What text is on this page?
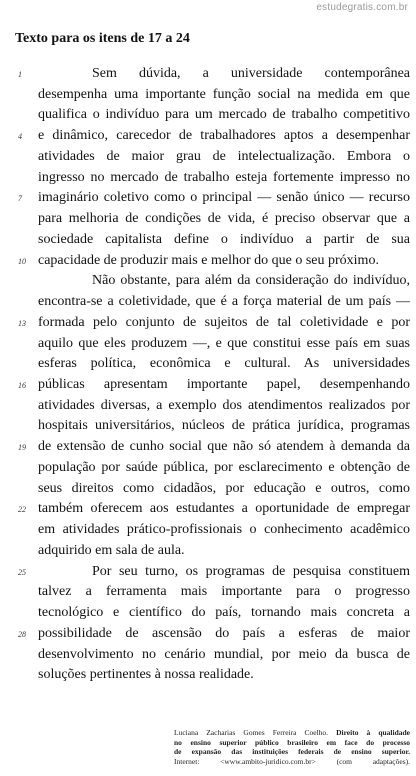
estudegratis.com.br
Texto para os itens de 17 a 24
1	Sem dúvida, a universidade contemporânea
desempenha uma importante função social na medida em que
qualifica o indivíduo para um mercado de trabalho competitivo
4	e dinâmico, carecedor de trabalhadores aptos a desempenhar
atividades de maior grau de intelectualização. Embora o
ingresso no mercado de trabalho esteja fortemente impresso no
7	imaginário coletivo como o principal — senão único — recurso
para melhoria de condições de vida, é preciso observar que a
sociedade capitalista define o indivíduo a partir de sua
10 capacidade de produzir mais e melhor do que o seu próximo.
Não obstante, para além da consideração do indivíduo,
encontra-se a coletividade, que é a força material de um país —
13 formada pelo conjunto de sujeitos de tal coletividade e por
aquilo que eles produzem —, e que constitui esse país em suas
esferas política, econômica e cultural. As universidades
16 públicas apresentam importante papel, desempenhando
atividades diversas, a exemplo dos atendimentos realizados por
hospitais universitários, núcleos de prática jurídica, programas
19 de extensão de cunho social que não só atendem à demanda da
população por saúde pública, por esclarecimento e obtenção de
seus direitos como cidadãos, por educação e outros, como
22 também oferecem aos estudantes a oportunidade de empregar
em atividades prático-profissionais o conhecimento acadêmico
adquirido em sala de aula.
25	Por seu turno, os programas de pesquisa constituem
talvez a ferramenta mais importante para o progresso
tecnológico e científico do país, tornando mais concreta a
28 possibilidade de ascensão do país a esferas de maior
desenvolvimento no cenário mundial, por meio da busca de
soluções pertinentes à nossa realidade.
Luciana Zacharias Gomes Ferreira Coelho. Direito à qualidade
no ensino superior público brasileiro em face do processo
de expansão das instituições federais de ensino superior.
Internet: <www.ambito-juridico.com.br> (com adaptações).
